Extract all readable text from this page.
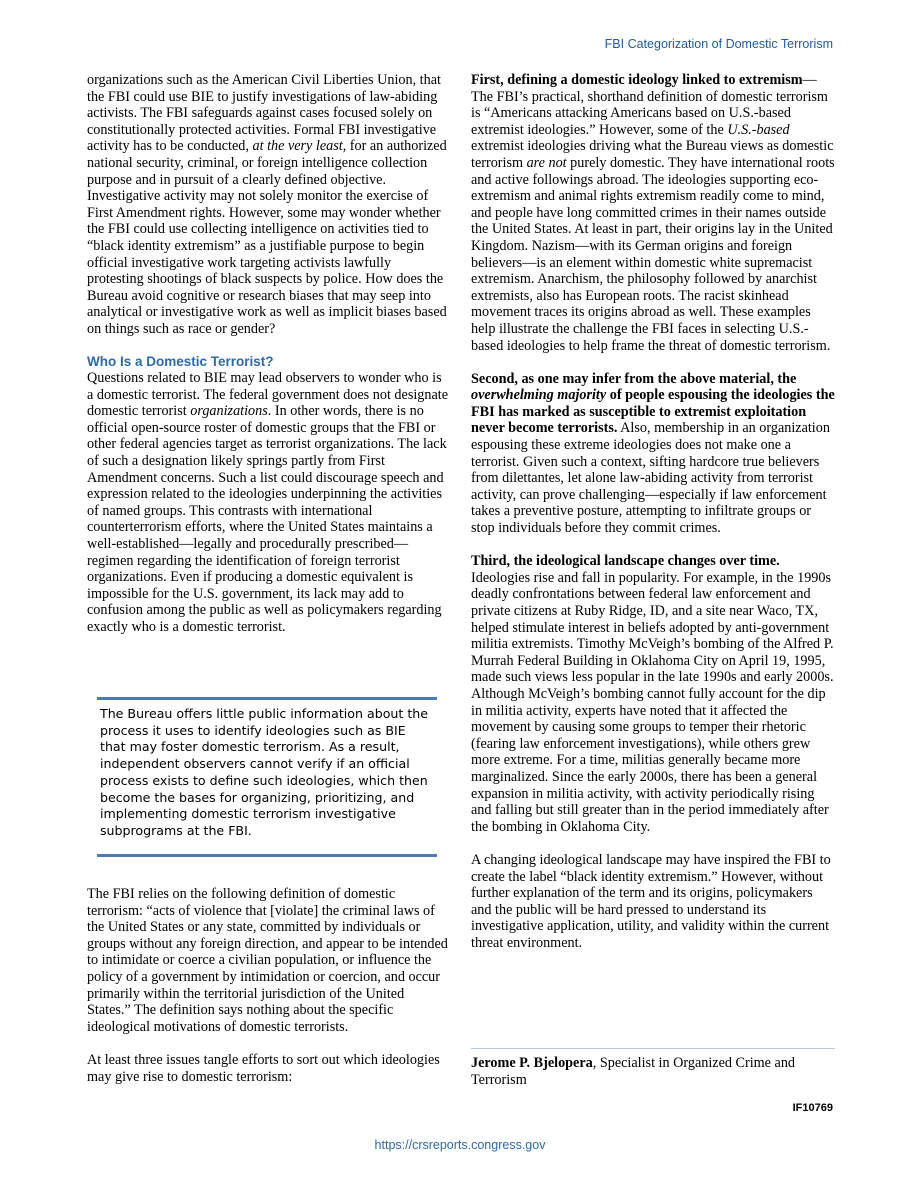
FBI Categorization of Domestic Terrorism

organizations such as the American Civil Liberties Union, that the FBI could use BIE to justify investigations of law-abiding activists. The FBI safeguards against cases focused solely on constitutionally protected activities. Formal FBI investigative activity has to be conducted, at the very least, for an authorized national security, criminal, or foreign intelligence collection purpose and in pursuit of a clearly defined objective. Investigative activity may not solely monitor the exercise of First Amendment rights. However, some may wonder whether the FBI could use collecting intelligence on activities tied to “black identity extremism” as a justifiable purpose to begin official investigative work targeting activists lawfully protesting shootings of black suspects by police. How does the Bureau avoid cognitive or research biases that may seep into analytical or investigative work as well as implicit biases based on things such as race or gender?

Who Is a Domestic Terrorist?

Questions related to BIE may lead observers to wonder who is a domestic terrorist. The federal government does not designate domestic terrorist organizations. In other words, there is no official open-source roster of domestic groups that the FBI or other federal agencies target as terrorist organizations. The lack of such a designation likely springs partly from First Amendment concerns. Such a list could discourage speech and expression related to the ideologies underpinning the activities of named groups. This contrasts with international counterterrorism efforts, where the United States maintains a well-established—legally and procedurally prescribed—regimen regarding the identification of foreign terrorist organizations. Even if producing a domestic equivalent is impossible for the U.S. government, its lack may add to confusion among the public as well as policymakers regarding exactly who is a domestic terrorist.

The Bureau offers little public information about the process it uses to identify ideologies such as BIE that may foster domestic terrorism. As a result, independent observers cannot verify if an official process exists to define such ideologies, which then become the bases for organizing, prioritizing, and implementing domestic terrorism investigative subprograms at the FBI.

The FBI relies on the following definition of domestic terrorism: “acts of violence that [violate] the criminal laws of the United States or any state, committed by individuals or groups without any foreign direction, and appear to be intended to intimidate or coerce a civilian population, or influence the policy of a government by intimidation or coercion, and occur primarily within the territorial jurisdiction of the United States.” The definition says nothing about the specific ideological motivations of domestic terrorists.

At least three issues tangle efforts to sort out which ideologies may give rise to domestic terrorism:

First, defining a domestic ideology linked to extremism—The FBI’s practical, shorthand definition of domestic terrorism is “Americans attacking Americans based on U.S.-based extremist ideologies.” However, some of the U.S.-based extremist ideologies driving what the Bureau views as domestic terrorism are not purely domestic. They have international roots and active followings abroad. The ideologies supporting eco-extremism and animal rights extremism readily come to mind, and people have long committed crimes in their names outside the United States. At least in part, their origins lay in the United Kingdom. Nazism—with its German origins and foreign believers—is an element within domestic white supremacist extremism. Anarchism, the philosophy followed by anarchist extremists, also has European roots. The racist skinhead movement traces its origins abroad as well. These examples help illustrate the challenge the FBI faces in selecting U.S.-based ideologies to help frame the threat of domestic terrorism.

Second, as one may infer from the above material, the overwhelming majority of people espousing the ideologies the FBI has marked as susceptible to extremist exploitation never become terrorists. Also, membership in an organization espousing these extreme ideologies does not make one a terrorist. Given such a context, sifting hardcore true believers from dilettantes, let alone law-abiding activity from terrorist activity, can prove challenging—especially if law enforcement takes a preventive posture, attempting to infiltrate groups or stop individuals before they commit crimes.

Third, the ideological landscape changes over time. Ideologies rise and fall in popularity. For example, in the 1990s deadly confrontations between federal law enforcement and private citizens at Ruby Ridge, ID, and a site near Waco, TX, helped stimulate interest in beliefs adopted by anti-government militia extremists. Timothy McVeigh’s bombing of the Alfred P. Murrah Federal Building in Oklahoma City on April 19, 1995, made such views less popular in the late 1990s and early 2000s. Although McVeigh’s bombing cannot fully account for the dip in militia activity, experts have noted that it affected the movement by causing some groups to temper their rhetoric (fearing law enforcement investigations), while others grew more extreme. For a time, militias generally became more marginalized. Since the early 2000s, there has been a general expansion in militia activity, with activity periodically rising and falling but still greater than in the period immediately after the bombing in Oklahoma City.

A changing ideological landscape may have inspired the FBI to create the label “black identity extremism.” However, without further explanation of the term and its origins, policymakers and the public will be hard pressed to understand its investigative application, utility, and validity within the current threat environment.

Jerome P. Bjelopera, Specialist in Organized Crime and Terrorism
IF10769
https://crsreports.congress.gov
